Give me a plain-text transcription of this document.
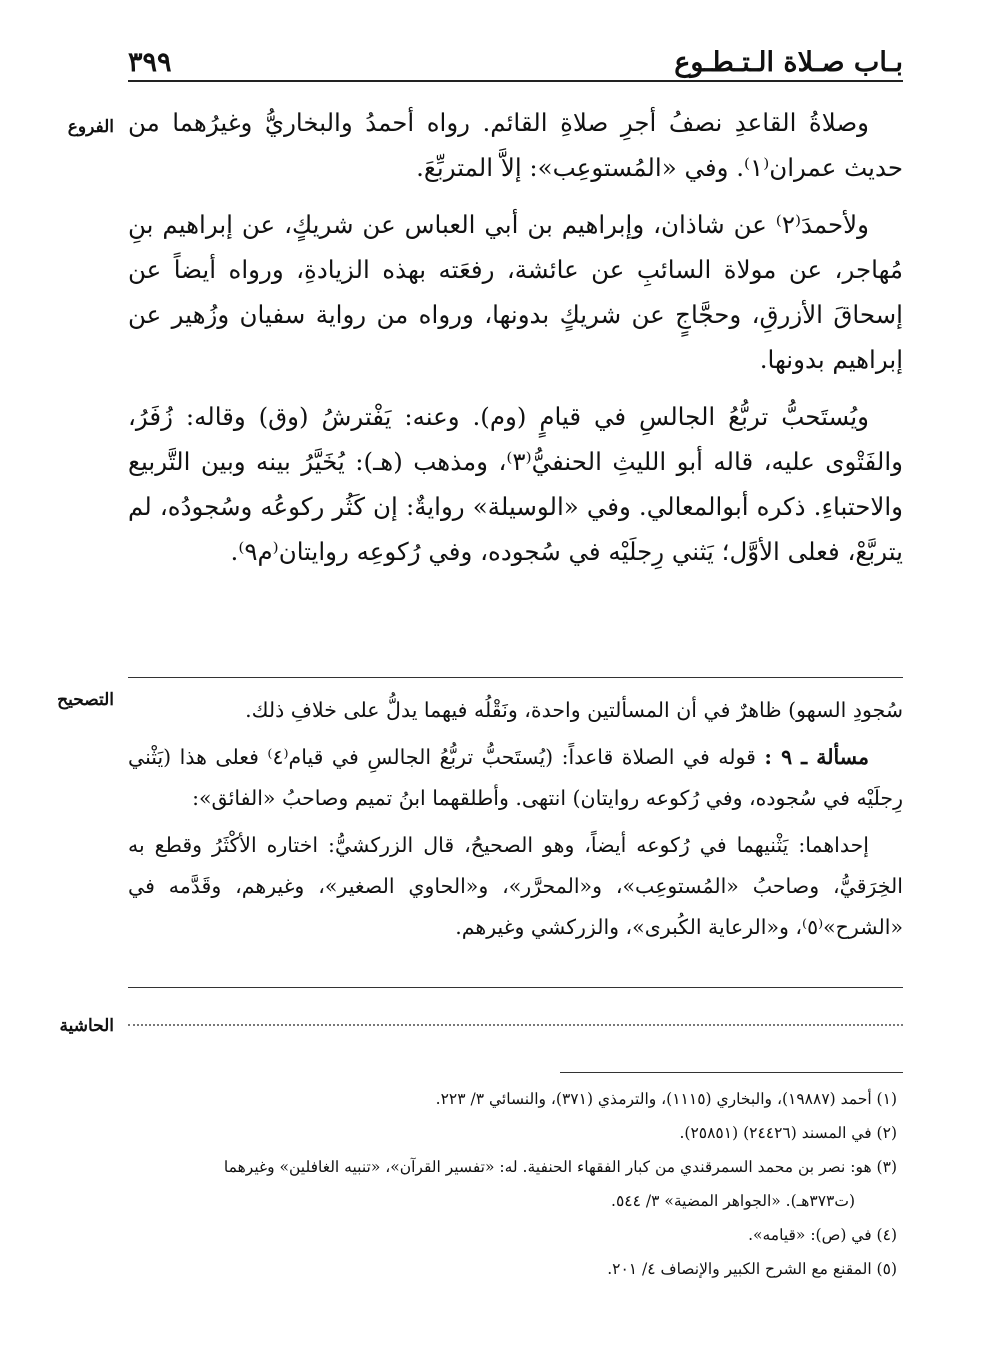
بـاب صـلاة الـتـطـوع
٣٩٩
الفروع
التصحيح
الحاشية

وصلاةُ القاعدِ نصفُ أجرِ صلاةِ القائم. رواه أحمدُ والبخاريُّ وغيرُهما من حديث عمران⁽١⁾. وفي «المُستوعِب»: إلاَّ المتربِّعَ.

ولأحمدَ⁽٢⁾ عن شاذان، وإبراهيم بن أبي العباس عن شريكٍ، عن إبراهيم بنِ مُهاجر، عن مولاة السائبِ عن عائشة، رفعَته بهذه الزيادةِ، ورواه أيضاً عن إسحاقَ الأزرقِ، وحجَّاجٍ عن شريكٍ بدونها، ورواه من رواية سفيان وزُهير عن إبراهيم بدونها.

ويُستَحبُّ تربُّعُ الجالسِ في قيامٍ (وم). وعنه: يَفْترشُ (وق) وقاله: زُفَرُ، والفَتْوى عليه، قاله أبو الليثِ الحنفيُّ⁽٣⁾، ومذهب (هـ): يُخَيَّرُ بينه وبين التَّربيع والاحتباءِ. ذكره أبوالمعالي. وفي «الوسيلة» روايةٌ: إن كَثُر ركوعُه وسُجودُه، لم يتربَّعْ، فعلى الأوَّل؛ يَثني رِجلَيْه في سُجوده، وفي رُكوعِه روايتان⁽م٩⁾.

سُجودِ السهو) ظاهرٌ في أن المسألتين واحدة، ونَقْلُه فيهما يدلُّ على خلافِ ذلك.

مسألة ـ ٩ : قوله في الصلاة قاعداً: (يُستَحبُّ تربُّعُ الجالسِ في قيام⁽٤⁾ فعلى هذا (يَثْني رِجلَيْه في سُجوده، وفي رُكوعه روايتان) انتهى. وأطلقهما ابنُ تميم وصاحبُ «الفائق»:

إحداهما: يَثْنيهما في رُكوعه أيضاً، وهو الصحيحُ، قال الزركشيُّ: اختاره الأكْثَرُ وقطع به الخِرَقيُّ، وصاحبُ «المُستوعِب»، و«المحرَّر»، و«الحاوي الصغير»، وغيرهم، وقَدَّمه في «الشرح»⁽٥⁾، و«الرعاية الكُبرى»، والزركشي وغيرهم.

(١) أحمد (١٩٨٨٧)، والبخاري (١١١٥)، والترمذي (٣٧١)، والنسائي ٣/ ٢٢٣.

(٢) في المسند (٢٤٤٢٦) (٢٥٨٥١).

(٣) هو: نصر بن محمد السمرقندي من كبار الفقهاء الحنفية. له: «تفسير القرآن»، «تنبيه الغافلين» وغيرهما

(ت٣٧٣هـ). «الجواهر المضية» ٣/ ٥٤٤.

(٤) في (ص): «قيامه».

(٥) المقنع مع الشرح الكبير والإنصاف ٤/ ٢٠١.
